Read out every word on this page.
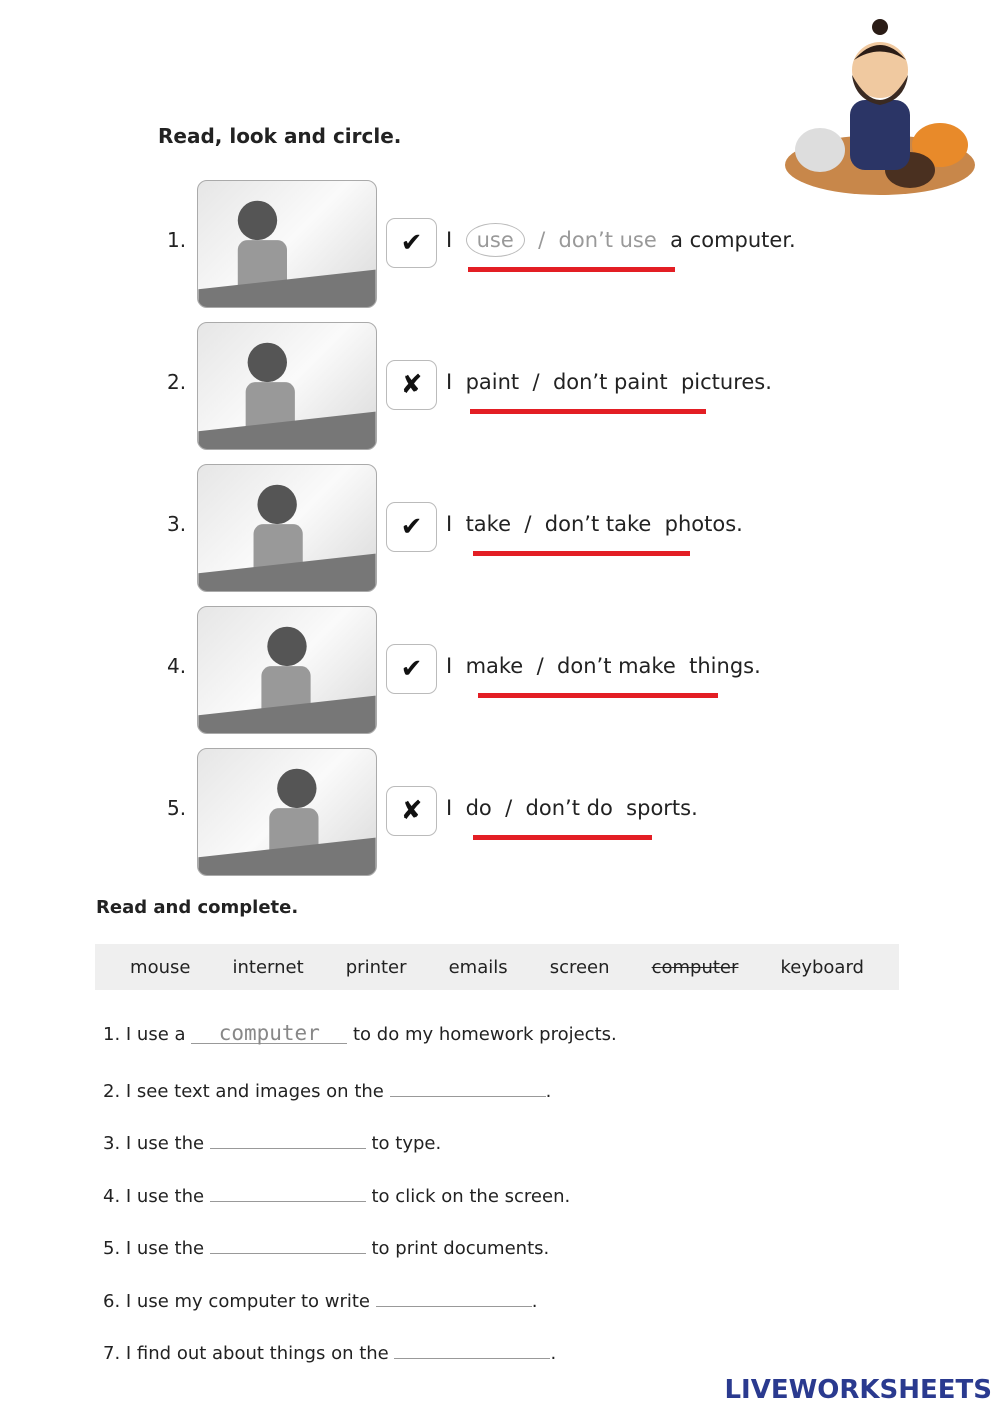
Read, look and circle.
1.	✔	I use / don’t use a computer.
2.	✘	I paint / don’t paint pictures.
3.	✔	I take / don’t take photos.
4.	✔	I make / don’t make things.
5.	✘	I do / don’t do sports.
Read and complete.
mouse internet printer emails screen computer keyboard
1. I use a computer to do my homework projects.
2. I see text and images on the	.
3. I use the	to type.
4. I use the	to click on the screen.
5. I use the	to print documents.
6. I use my computer to write	.
7. I find out about things on the	.
LIVEWORKSHEETS
